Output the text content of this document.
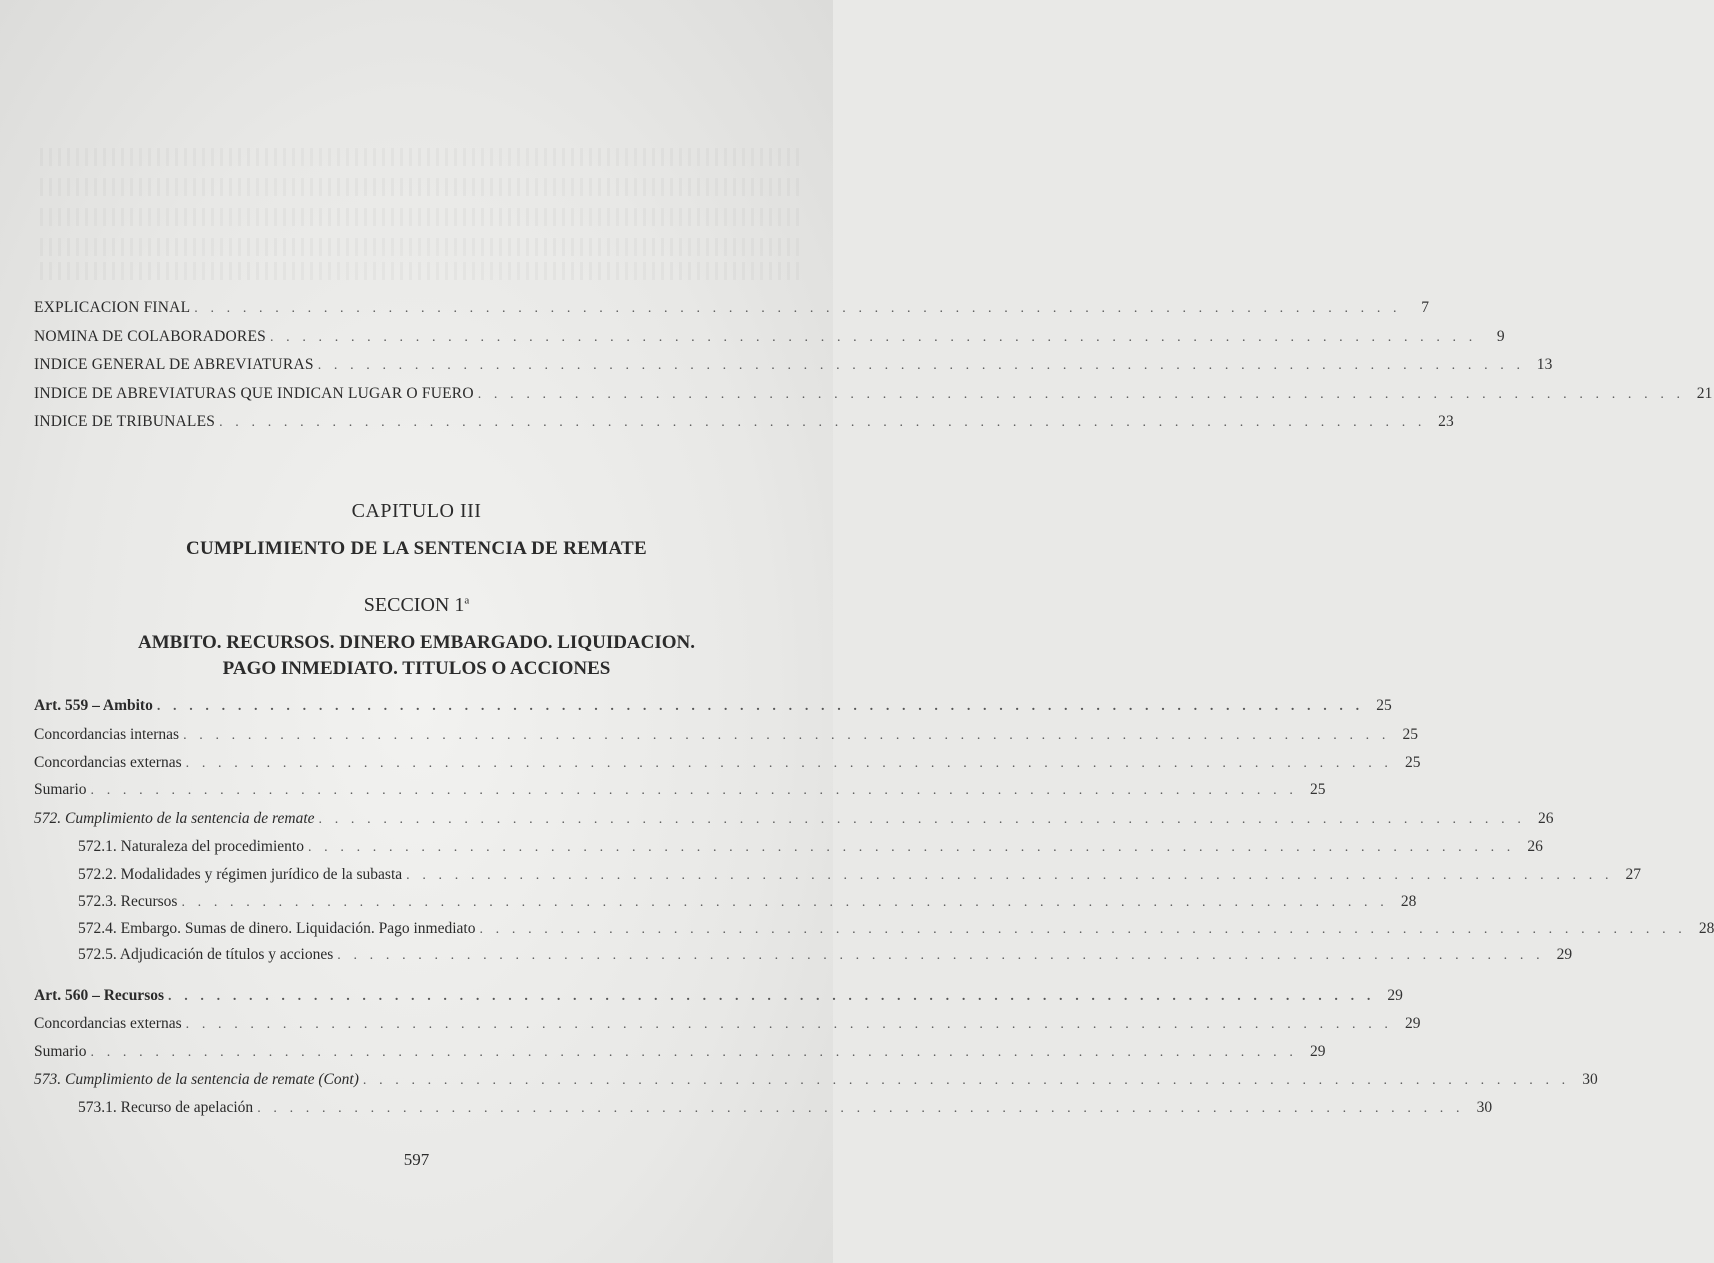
EXPLICACION FINAL . . . . . . . . . . . . . . . . . . . . . . . . . . . . . . . . . . . . . . . . . . . . . . . . . . . . . . . . . . . . . . . . . . . . . . . . . . .	7
NOMINA DE COLABORADORES . . . . . . . . . . . . . . . . . . . . . . . . . . . . . . . . . . . . . . . . . . . . . . . . . . . . . . . . . . . . . . . . . . . . . . . . . . .	9
INDICE GENERAL DE ABREVIATURAS . . . . . . . . . . . . . . . . . . . . . . . . . . . . . . . . . . . . . . . . . . . . . . . . . . . . . . . . . . . . . . . . . . . . . . . . . . . 13
INDICE DE ABREVIATURAS QUE INDICAN LUGAR O FUERO . . . . . . . . . . . . . . . . . . . . . . . . . . . . . . . . . . . . . . . . . . . . . . . . . . . . . . . . . . . . . . . . . . . . . . . . . . . 21
INDICE DE TRIBUNALES . . . . . . . . . . . . . . . . . . . . . . . . . . . . . . . . . . . . . . . . . . . . . . . . . . . . . . . . . . . . . . . . . . . . . . . . . . . 23
CAPITULO III
CUMPLIMIENTO DE LA SENTENCIA DE REMATE
SECCION 1$^a$
AMBITO. RECURSOS. DINERO EMBARGADO. LIQUIDACION.
PAGO INMEDIATO. TITULOS O ACCIONES
Art. 559 – Ambito . . . . . . . . . . . . . . . . . . . . . . . . . . . . . . . . . . . . . . . . . . . . . . . . . . . . . . . . . . . . . . . . . . . . . . . . . . . 25
Concordancias internas . . . . . . . . . . . . . . . . . . . . . . . . . . . . . . . . . . . . . . . . . . . . . . . . . . . . . . . . . . . . . . . . . . . . . . . . . . . 25
Concordancias externas . . . . . . . . . . . . . . . . . . . . . . . . . . . . . . . . . . . . . . . . . . . . . . . . . . . . . . . . . . . . . . . . . . . . . . . . . . . 25
Sumario . . . . . . . . . . . . . . . . . . . . . . . . . . . . . . . . . . . . . . . . . . . . . . . . . . . . . . . . . . . . . . . . . . . . . . . . . . . 25
572. Cumplimiento de la sentencia de remate . . . . . . . . . . . . . . . . . . . . . . . . . . . . . . . . . . . . . . . . . . . . . . . . . . . . . . . . . . . . . . . . . . . . . . . . . . . 26
572.1. Naturaleza del procedimiento . . . . . . . . . . . . . . . . . . . . . . . . . . . . . . . . . . . . . . . . . . . . . . . . . . . . . . . . . . . . . . . . . . . . . . . . . . . 26
572.2. Modalidades y régimen jurídico de la subasta . . . . . . . . . . . . . . . . . . . . . . . . . . . . . . . . . . . . . . . . . . . . . . . . . . . . . . . . . . . . . . . . . . . . . . . . . . . 27
572.3. Recursos . . . . . . . . . . . . . . . . . . . . . . . . . . . . . . . . . . . . . . . . . . . . . . . . . . . . . . . . . . . . . . . . . . . . . . . . . . . 28
572.4. Embargo. Sumas de dinero. Liquidación. Pago inmediato . . . . . . . . . . . . . . . . . . . . . . . . . . . . . . . . . . . . . . . . . . . . . . . . . . . . . . . . . . . . . . . . . . . . . . . . . . . 28
572.5. Adjudicación de títulos y acciones . . . . . . . . . . . . . . . . . . . . . . . . . . . . . . . . . . . . . . . . . . . . . . . . . . . . . . . . . . . . . . . . . . . . . . . . . . . 29
Art. 560 – Recursos . . . . . . . . . . . . . . . . . . . . . . . . . . . . . . . . . . . . . . . . . . . . . . . . . . . . . . . . . . . . . . . . . . . . . . . . . . . 29
Concordancias externas . . . . . . . . . . . . . . . . . . . . . . . . . . . . . . . . . . . . . . . . . . . . . . . . . . . . . . . . . . . . . . . . . . . . . . . . . . . 29
Sumario . . . . . . . . . . . . . . . . . . . . . . . . . . . . . . . . . . . . . . . . . . . . . . . . . . . . . . . . . . . . . . . . . . . . . . . . . . . 29
573. Cumplimiento de la sentencia de remate (Cont) . . . . . . . . . . . . . . . . . . . . . . . . . . . . . . . . . . . . . . . . . . . . . . . . . . . . . . . . . . . . . . . . . . . . . . . . . . . 30
573.1. Recurso de apelación . . . . . . . . . . . . . . . . . . . . . . . . . . . . . . . . . . . . . . . . . . . . . . . . . . . . . . . . . . . . . . . . . . . . . . . . . . . 30
597
